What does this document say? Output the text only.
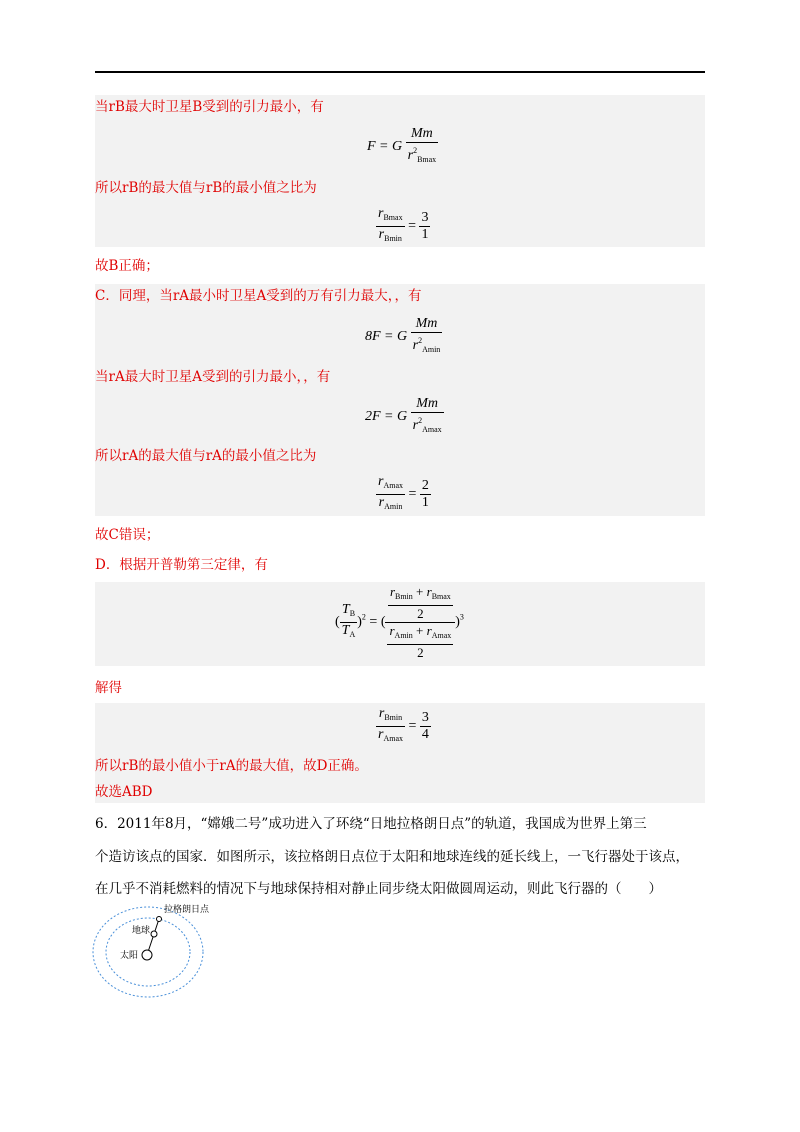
当rB最大时卫星B受到的引力最小，有
F = G $\frac{Mm}{r^2_{Bmax}}$
所以rB的最大值与rB的最小值之比为
$\frac{r_{Bmax}}{r_{Bmin}} = \frac{3}{1}$
故B正确；
C．同理，当rA最小时卫星A受到的万有引力最大，，有
8F = G $\frac{Mm}{r^2_{Amin}}$
当rA最大时卫星A受到的引力最小，，有
2F = G $\frac{Mm}{r^2_{Amax}}$
所以rA的最大值与rA的最小值之比为
$\frac{r_{Amax}}{r_{Amin}} = \frac{2}{1}$
故C错误；
D．根据开普勒第三定律，有
( $\frac{T_B}{T_A} )^2$ = ( $\frac{\frac{r_{Bmin} + r_{Bmax}}{2}}{\frac{r_{Amin} + r_{Amax}}{2}} )^3$
解得
$\frac{r_{Bmin}}{r_{Amax}} = \frac{3}{4}$
所以rB的最小值小于rA的最大值，故D正确。
故选ABD
6．2011年8月，“嫦娥二号”成功进入了环绕“日地拉格朗日点”的轨道，我国成为世界上第三
个造访该点的国家．如图所示，该拉格朗日点位于太阳和地球连线的延长线上，一飞行器处于该点，
在几乎不消耗燃料的情况下与地球保持相对静止同步绕太阳做圆周运动，则此飞行器的（　　）
拉格朗日点
地球
太阳
